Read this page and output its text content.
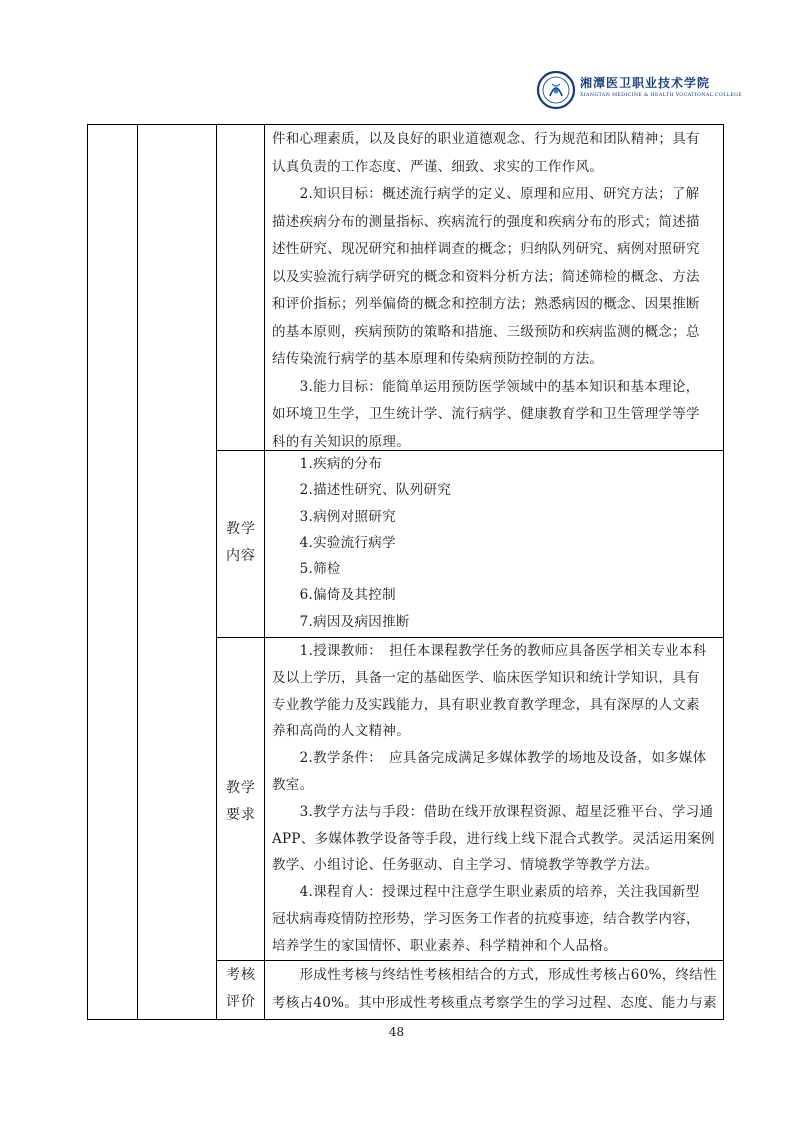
湘潭医卫职业技术学院
XIANGTAN MEDICINE & HEALTH VOCATIONAL COLLEGE

件和心理素质，以及良好的职业道德观念、行为规范和团队精神；具有

认真负责的工作态度、严谨、细致、求实的工作作风。

　　2.知识目标：概述流行病学的定义、原理和应用、研究方法；了解

描述疾病分布的测量指标、疾病流行的强度和疾病分布的形式；简述描

述性研究、现况研究和抽样调查的概念；归纳队列研究、病例对照研究

以及实验流行病学研究的概念和资料分析方法；简述筛检的概念、方法

和评价指标；列举偏倚的概念和控制方法；熟悉病因的概念、因果推断

的基本原则，疾病预防的策略和措施、三级预防和疾病监测的概念；总

结传染流行病学的基本原理和传染病预防控制的方法。

　　3.能力目标：能简单运用预防医学领域中的基本知识和基本理论，

如环境卫生学，卫生统计学、流行病学、健康教育学和卫生管理学等学

科的有关知识的原理。

教学
内容

　　1.疾病的分布

　　2.描述性研究、队列研究

　　3.病例对照研究

　　4.实验流行病学

　　5.筛检

　　6.偏倚及其控制

　　7.病因及病因推断

教学
要求

　　1.授课教师：　担任本课程教学任务的教师应具备医学相关专业本科

及以上学历，具备一定的基础医学、临床医学知识和统计学知识，具有

专业教学能力及实践能力，具有职业教育教学理念，具有深厚的人文素

养和高尚的人文精神。

　　2.教学条件：　应具备完成满足多媒体教学的场地及设备，如多媒体

教室。

　　3.教学方法与手段：借助在线开放课程资源、超星泛雅平台、学习通

APP、多媒体教学设备等手段，进行线上线下混合式教学。灵活运用案例

教学、小组讨论、任务驱动、自主学习、情境教学等教学方法。

　　4.课程育人：授课过程中注意学生职业素质的培养，关注我国新型

冠状病毒疫情防控形势，学习医务工作者的抗疫事迹，结合教学内容，

培养学生的家国情怀、职业素养、科学精神和个人品格。

考核
评价

　　形成性考核与终结性考核相结合的方式，形成性考核占60%，终结性

考核占40%。其中形成性考核重点考察学生的学习过程、态度、能力与素

48
